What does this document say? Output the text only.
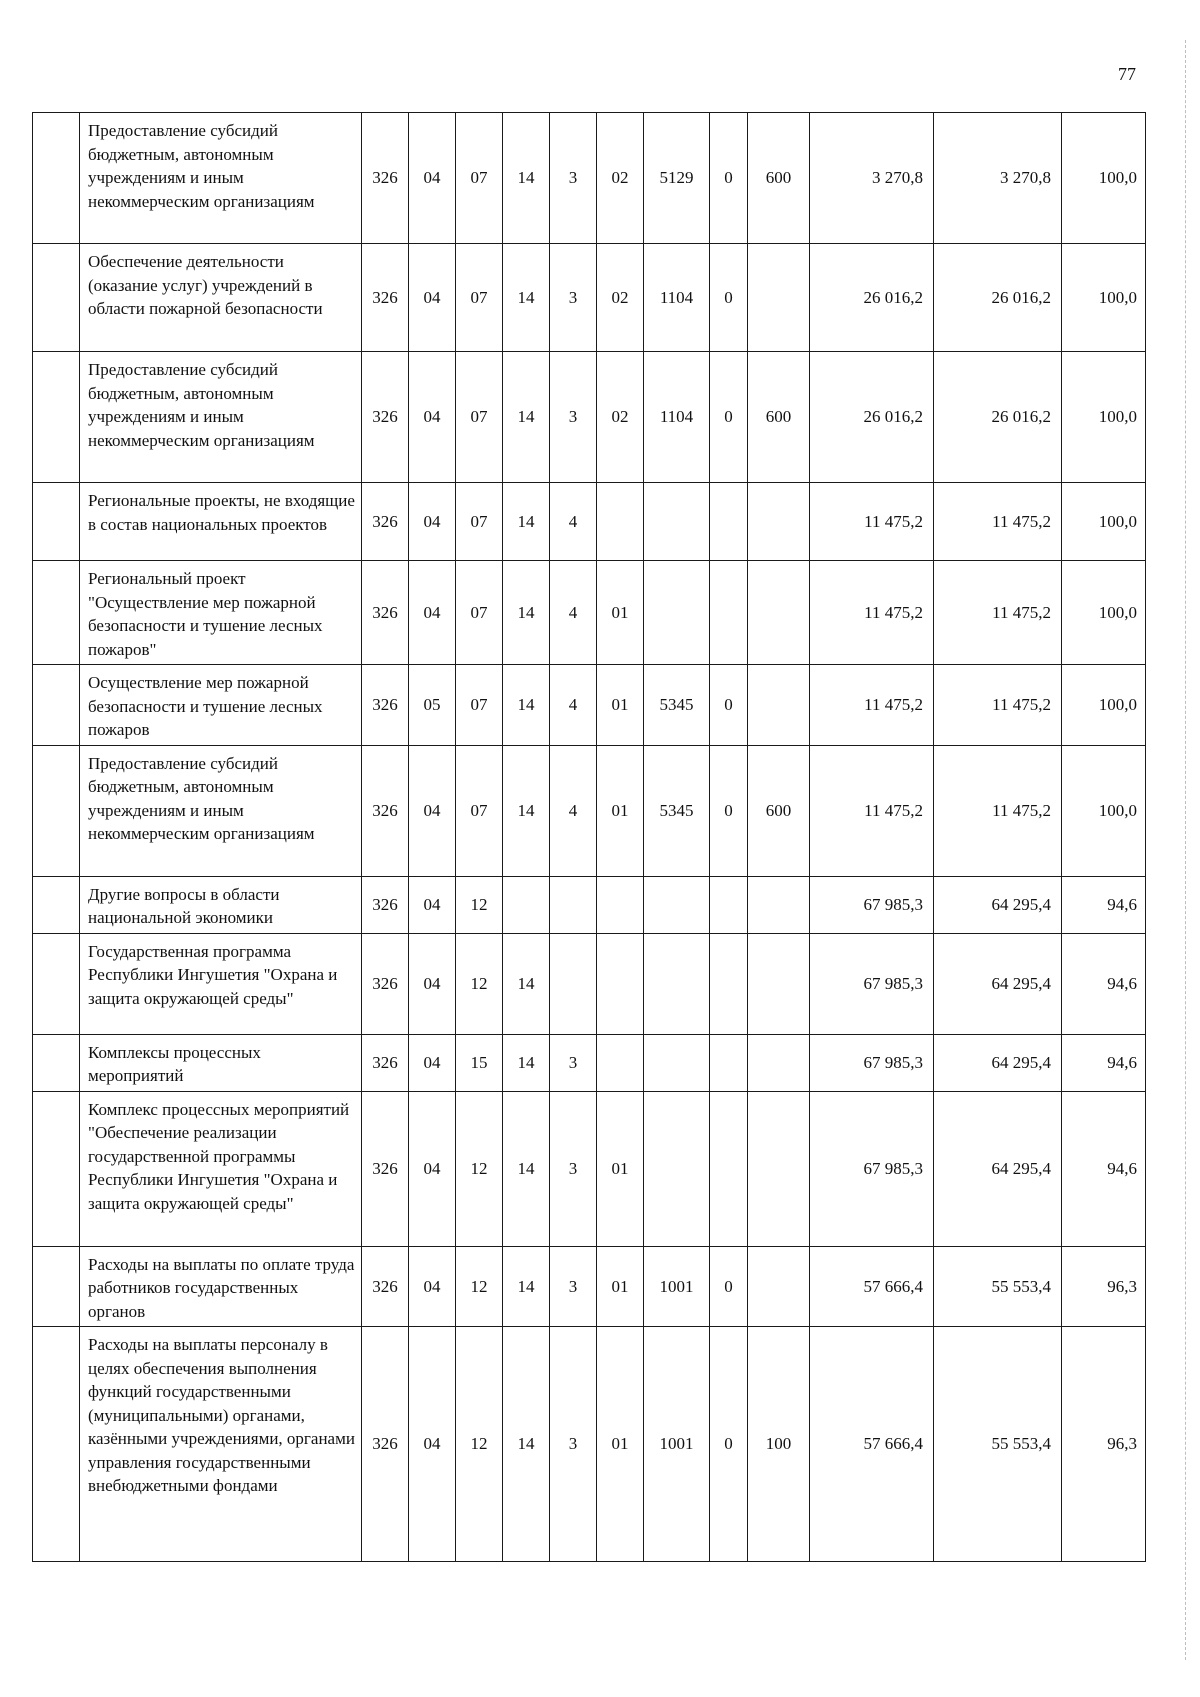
77
	Предоставление субсидий бюджетным, автономным учреждениям и иным некоммерческим организациям	326	04	07	14	3	02	5129	0	600	3 270,8	3 270,8	100,0
	Обеспечение деятельности (оказание услуг) учреждений в области пожарной безопасности	326	04	07	14	3	02	1104	0		26 016,2	26 016,2	100,0
	Предоставление субсидий бюджетным, автономным учреждениям и иным некоммерческим организациям	326	04	07	14	3	02	1104	0	600	26 016,2	26 016,2	100,0
	Региональные проекты, не входящие в состав национальных проектов	326	04	07	14	4					11 475,2	11 475,2	100,0
	Региональный проект "Осуществление мер пожарной безопасности и тушение лесных пожаров"	326	04	07	14	4	01				11 475,2	11 475,2	100,0
	Осуществление мер пожарной безопасности и тушение лесных пожаров	326	05	07	14	4	01	5345	0		11 475,2	11 475,2	100,0
	Предоставление субсидий бюджетным, автономным учреждениям и иным некоммерческим организациям	326	04	07	14	4	01	5345	0	600	11 475,2	11 475,2	100,0
	Другие вопросы в области национальной экономики	326	04	12							67 985,3	64 295,4	94,6
	Государственная программа Республики Ингушетия "Охрана и защита окружающей среды"	326	04	12	14						67 985,3	64 295,4	94,6
	Комплексы процессных мероприятий	326	04	15	14	3					67 985,3	64 295,4	94,6
	Комплекс процессных мероприятий "Обеспечение реализации государственной программы Республики Ингушетия "Охрана и защита окружающей среды"	326	04	12	14	3	01				67 985,3	64 295,4	94,6
	Расходы на выплаты по оплате труда работников государственных органов	326	04	12	14	3	01	1001	0		57 666,4	55 553,4	96,3
	Расходы на выплаты персоналу в целях обеспечения выполнения функций государственными (муниципальными) органами, казёнными учреждениями, органами управления государственными внебюджетными фондами	326	04	12	14	3	01	1001	0	100	57 666,4	55 553,4	96,3
